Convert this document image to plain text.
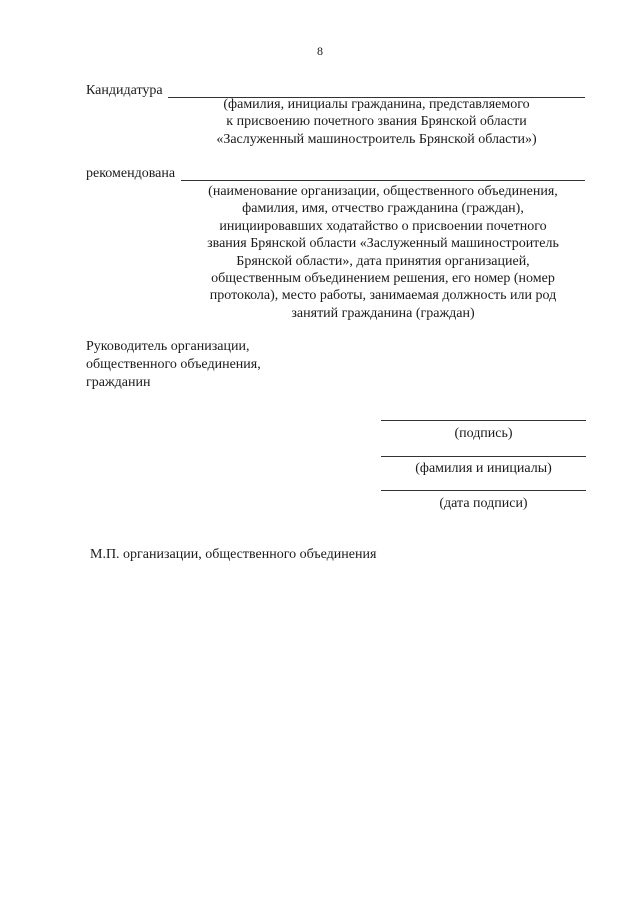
8
Кандидатура
(фамилия, инициалы гражданина, представляемого
к присвоению почетного звания Брянской области
«Заслуженный машиностроитель Брянской области»)
рекомендована
(наименование организации, общественного объединения,
фамилия, имя, отчество гражданина (граждан),
инициировавших ходатайство о присвоении почетного
звания Брянской области «Заслуженный машиностроитель
Брянской области», дата принятия организацией,
общественным объединением решения, его номер (номер
протокола), место работы, занимаемая должность или род
занятий гражданина (граждан)
Руководитель организации,
общественного объединения,
гражданин
(подпись)
(фамилия и инициалы)
(дата подписи)
М.П. организации, общественного объединения
